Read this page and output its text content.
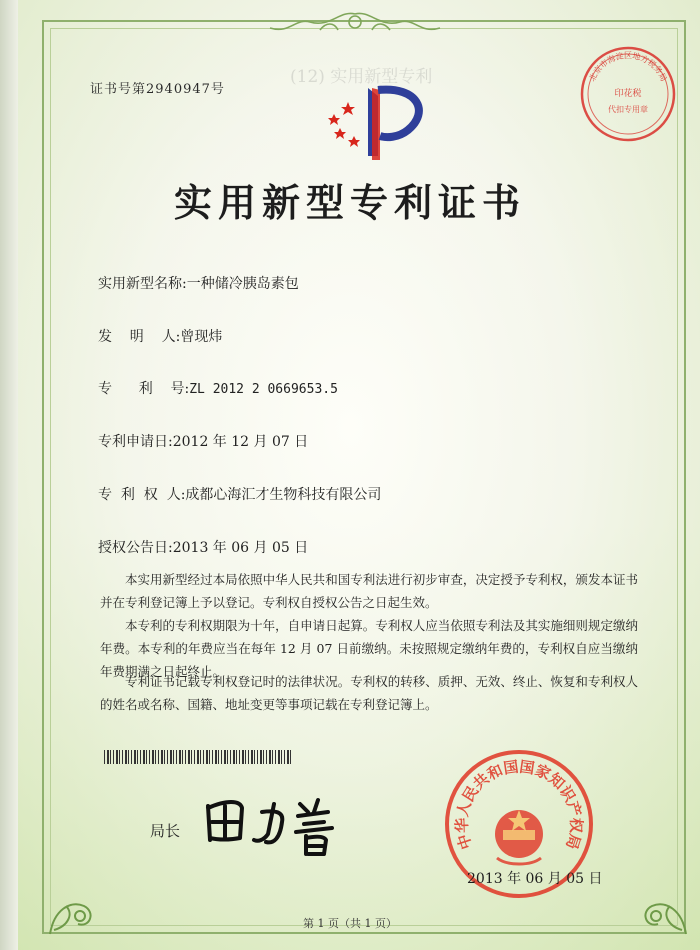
证书号第2940947号
(12) 实用新型专利
实用新型专利证书
实用新型名称:一种储冷胰岛素包
发    明    人:曾现炜
专      利    号:ZL 2012 2 0669653.5
专利申请日:2012 年 12 月 07 日
专  利  权  人:成都心海汇才生物科技有限公司
授权公告日:2013 年 06 月 05 日
本实用新型经过本局依照中华人民共和国专利法进行初步审查，决定授予专利权，颁发本证书并在专利登记簿上予以登记。专利权自授权公告之日起生效。
本专利的专利权期限为十年，自申请日起算。专利权人应当依照专利法及其实施细则规定缴纳年费。本专利的年费应当在每年 12 月 07 日前缴纳。未按照规定缴纳年费的，专利权自应当缴纳年费期满之日起终止。
专利证书记载专利权登记时的法律状况。专利权的转移、质押、无效、终止、恢复和专利权人的姓名或名称、国籍、地址变更等事项记载在专利登记簿上。
局长
中华人民共和国国家知识产权局
2013 年 06 月 05 日
北京市海淀区地方税务局
印花税
代扣专用章
第 1 页（共 1 页）
